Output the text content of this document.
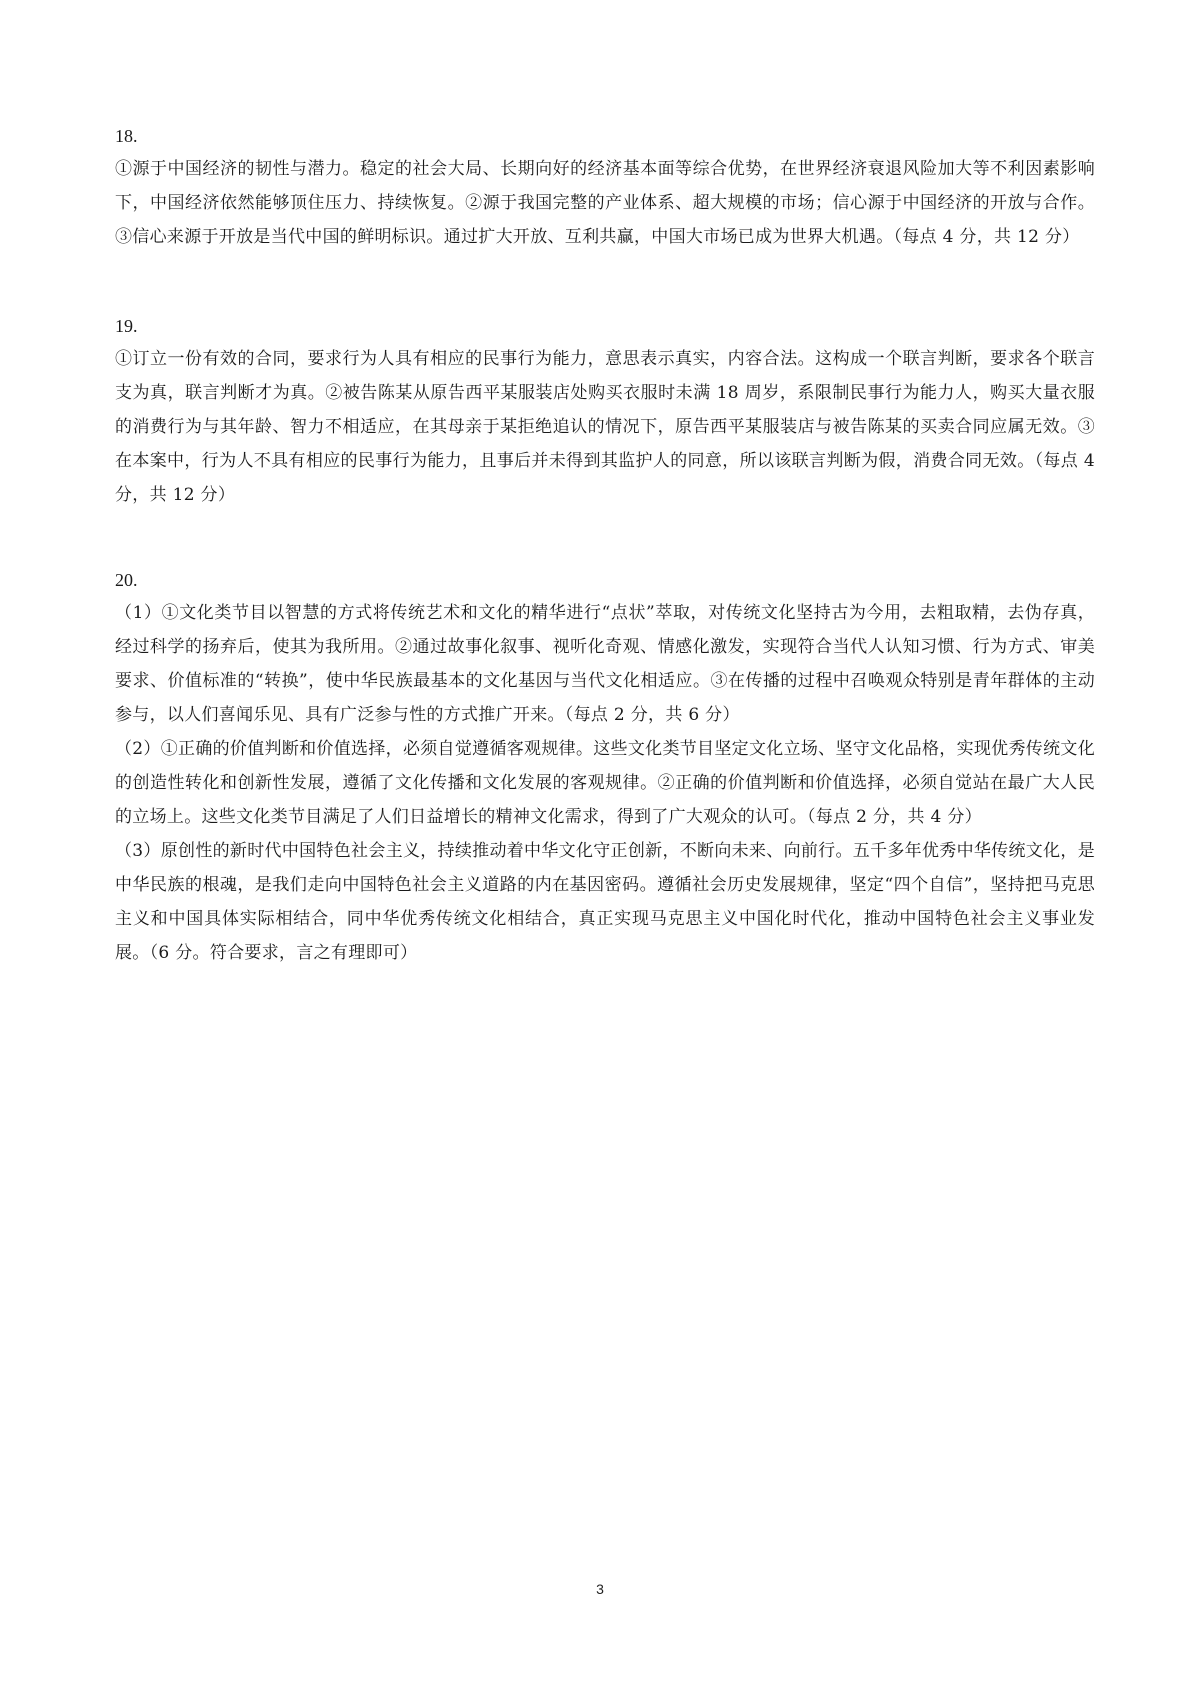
18.

①源于中国经济的韧性与潜力。稳定的社会大局、长期向好的经济基本面等综合优势，在世界经济衰退风险加大等不利因素影响下，中国经济依然能够顶住压力、持续恢复。②源于我国完整的产业体系、超大规模的市场；信心源于中国经济的开放与合作。③信心来源于开放是当代中国的鲜明标识。通过扩大开放、互利共赢，中国大市场已成为世界大机遇。（每点 4 分，共 12 分）

19.

①订立一份有效的合同，要求行为人具有相应的民事行为能力，意思表示真实，内容合法。这构成一个联言判断，要求各个联言支为真，联言判断才为真。②被告陈某从原告西平某服装店处购买衣服时未满 18 周岁，系限制民事行为能力人，购买大量衣服的消费行为与其年龄、智力不相适应，在其母亲于某拒绝追认的情况下，原告西平某服装店与被告陈某的买卖合同应属无效。③在本案中，行为人不具有相应的民事行为能力，且事后并未得到其监护人的同意，所以该联言判断为假，消费合同无效。（每点 4 分，共 12 分）

20.

（1）①文化类节目以智慧的方式将传统艺术和文化的精华进行“点状”萃取，对传统文化坚持古为今用，去粗取精，去伪存真，经过科学的扬弃后，使其为我所用。②通过故事化叙事、视听化奇观、情感化激发，实现符合当代人认知习惯、行为方式、审美要求、价值标准的“转换”，使中华民族最基本的文化基因与当代文化相适应。③在传播的过程中召唤观众特别是青年群体的主动参与，以人们喜闻乐见、具有广泛参与性的方式推广开来。（每点 2 分，共 6 分）

（2）①正确的价值判断和价值选择，必须自觉遵循客观规律。这些文化类节目坚定文化立场、坚守文化品格，实现优秀传统文化的创造性转化和创新性发展，遵循了文化传播和文化发展的客观规律。②正确的价值判断和价值选择，必须自觉站在最广大人民的立场上。这些文化类节目满足了人们日益增长的精神文化需求，得到了广大观众的认可。（每点 2 分，共 4 分）

（3）原创性的新时代中国特色社会主义，持续推动着中华文化守正创新，不断向未来、向前行。五千多年优秀中华传统文化，是中华民族的根魂，是我们走向中国特色社会主义道路的内在基因密码。遵循社会历史发展规律，坚定“四个自信”，坚持把马克思主义和中国具体实际相结合，同中华优秀传统文化相结合，真正实现马克思主义中国化时代化，推动中国特色社会主义事业发展。（6 分。符合要求，言之有理即可）

3
